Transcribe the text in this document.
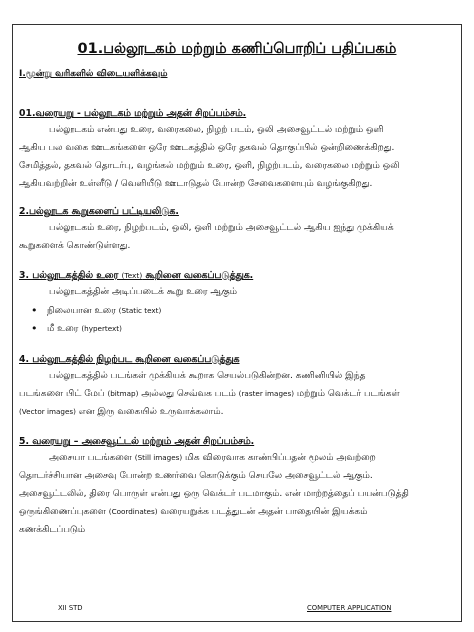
01.பல்லூடகம் மற்றும் கணிப்பொறிப் பதிப்பகம்
I.மூன்று வரிகளில் விடையளிக்கவும்
01.வரையறு - பல்லூடகம் மற்றும் அதன் சிறப்பம்சம்.
பல்லூடகம் என்பது உரை, வரைகலை, நிழற் படம், ஒலி அசைவூட்டல் மற்றும் ஒளி
ஆகிய பல வகை ஊடகங்களை ஒரே ஊடகத்தில் ஒரே தகவல் தொகுப்பில் ஒன்றிணைக்கிறது.
சேமித்தல், தகவல் தொடர்பு, வழங்கல் மற்றும் உரை, ஒளி, நிழற்படம், வரைகலை மற்றும் ஒலி
ஆகியவற்றின் உள்ளீடு / வெளியீடு ஊடாடுதல் போன்ற சேவைகளையும் வழங்குகிறது.
2.பல்லூடக கூறுகளைப் பட்டியலிடுக.
பல்லூடகம் உரை, நிழற்படம், ஒலி, ஒளி மற்றும் அசைவூட்டல் ஆகிய ஐந்து முக்கியக்
கூறுகளைக் கொண்டுள்ளது.
3. பல்லூடகத்தில் உரை (Text) கூறினை வகைப்படுத்துக.
பல்லூடகத்தின் அடிப்படைக் கூறு உரை ஆகும்
• நிலையான உரை (Static text)
• மீ உரை (hypertext)
4. பல்லூடகத்தில் நிழற்பட கூறினை வகைப்படுத்துக
பல்லூடகத்தில் படங்கள் முக்கியக் கூறாக செயல்படுகின்றன. கணினியில் இந்த
படங்களை பிட் மேப் (bitmap) அல்லது செவ்வக படம் (raster images) மற்றும் வெக்டர் படங்கள்
(Vector images) என இரு வகையில் உருவாக்கலாம்.
5. வரையறு – அசைவூட்டல் மற்றும் அதன் சிறப்பம்சம்.
அசையா படங்களை (Still images) மிக விரைவாக காண்பிப்பதன் மூலம் அவற்றை
தொடர்ச்சியான அசைவு போன்ற உணர்வை கொடுக்கும் செயலே அசைவூட்டல் ஆகும்.
அசைவூட்டலில், திரை பொருள் என்பது ஒரு வெக்டர் படமாகும். என் மாற்றத்தைப் பயன்படுத்தி
ஒருங்கிணைப்புகளை (Coordinates) வரையறுக்க படத்துடன் அதன் பாதையின் இயக்கம்
கணக்கிடப்படும்
XII STD	COMPUTER APPLICATION
